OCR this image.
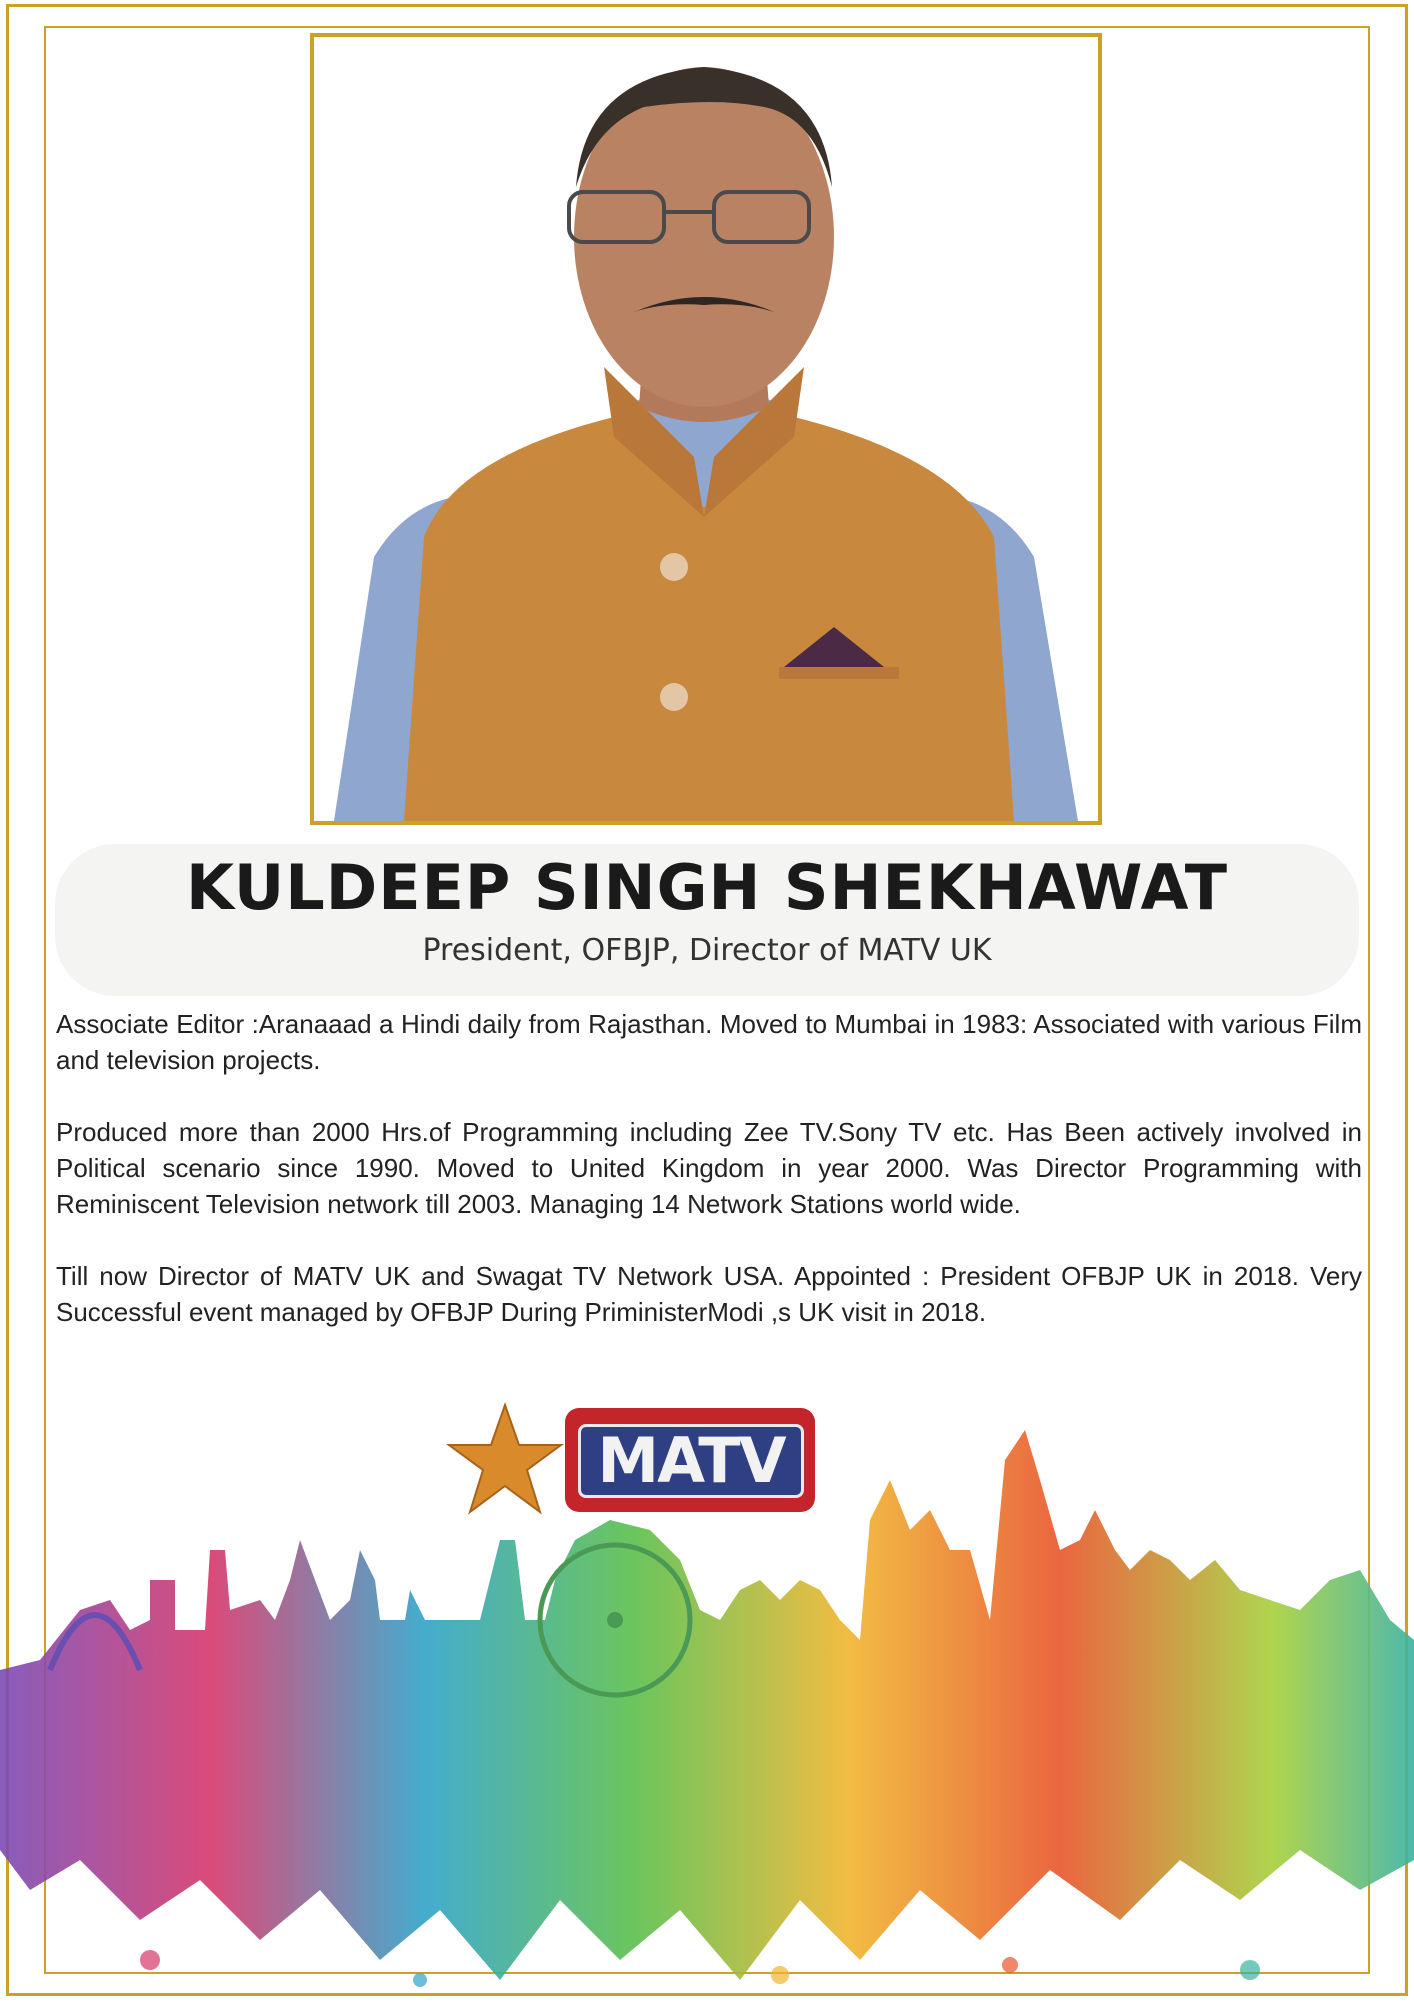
KULDEEP SINGH SHEKHAWAT
President, OFBJP, Director of MATV UK

Associate Editor :Aranaaad a Hindi daily from Rajasthan. Moved to Mumbai in 1983: Associated with various Film and television projects.

Produced more than 2000 Hrs.of Programming including Zee TV.Sony TV etc. Has Been actively involved in Political scenario since 1990. Moved to United Kingdom in year 2000. Was Director Programming with Reminiscent Television network till 2003. Managing 14 Network Stations world wide.

Till now Director of MATV UK and Swagat TV Network USA. Appointed : President OFBJP UK in 2018. Very Successful event managed by OFBJP During PriministerModi ,s UK visit in 2018.

MATV
